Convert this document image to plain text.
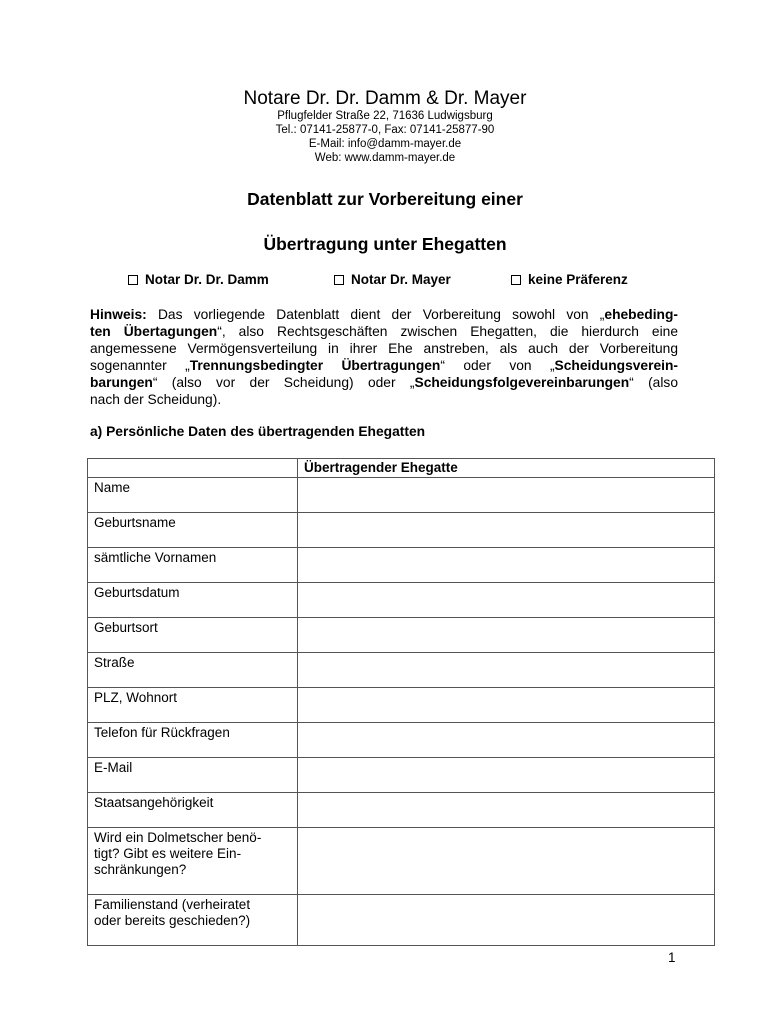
Notare Dr. Dr. Damm & Dr. Mayer
Pflugfelder Straße 22, 71636 Ludwigsburg
Tel.: 07141-25877-0, Fax: 07141-25877-90
E-Mail: info@damm-mayer.de
Web: www.damm-mayer.de
Datenblatt zur Vorbereitung einer
Übertragung unter Ehegatten
Notar Dr. Dr. Damm	Notar Dr. Mayer	keine Präferenz
Hinweis: Das vorliegende Datenblatt dient der Vorbereitung sowohl von „ehebeding-
ten Übertagungen“, also Rechtsgeschäften zwischen Ehegatten, die hierdurch eine
angemessene Vermögensverteilung in ihrer Ehe anstreben, als auch der Vorbereitung
sogenannter „Trennungsbedingter Übertragungen“ oder von „Scheidungsverein-
barungen“ (also vor der Scheidung) oder „Scheidungsfolgevereinbarungen“ (also
nach der Scheidung).
a) Persönliche Daten des übertragenden Ehegatten
	Übertragender Ehegatte
Name	
Geburtsname	
sämtliche Vornamen	
Geburtsdatum	
Geburtsort	
Straße	
PLZ, Wohnort	
Telefon für Rückfragen	
E-Mail	
Staatsangehörigkeit	

Wird ein Dolmetscher benö-
tigt? Gibt es weitere Ein-
schränkungen?	

Familienstand (verheiratet
oder bereits geschieden?)	

1
